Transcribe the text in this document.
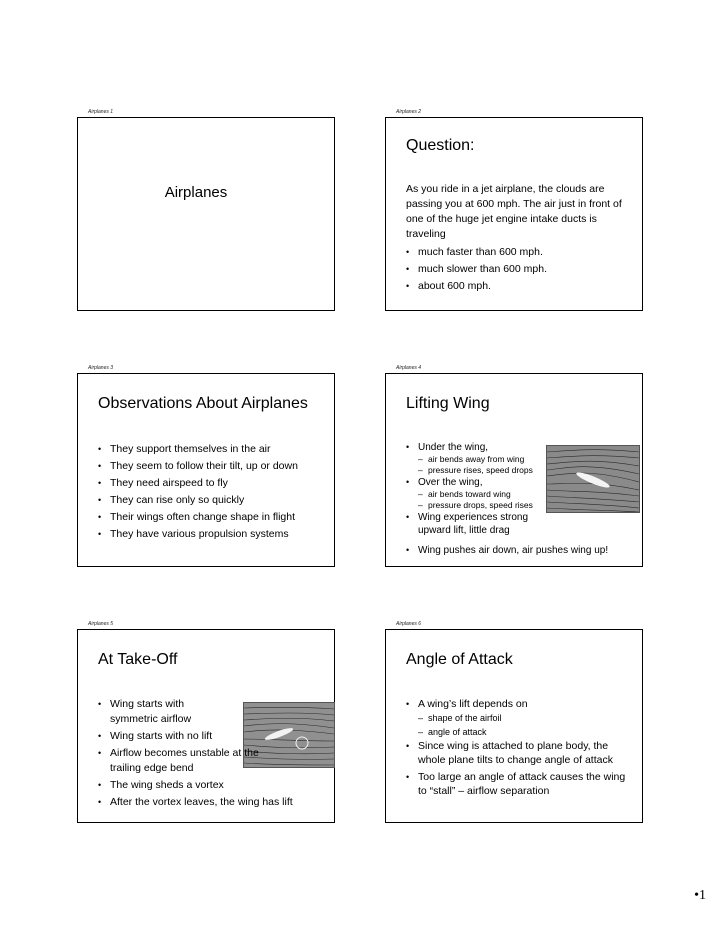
Airplanes 1
Airplanes
Airplanes 2
Question:
As you ride in a jet airplane, the clouds are passing you at 600 mph. The air just in front of one of the huge jet engine intake ducts is traveling
• much faster than 600 mph.
• much slower than 600 mph.
• about 600 mph.
Airplanes 3
Observations About Airplanes
• They support themselves in the air
• They seem to follow their tilt, up or down
• They need airspeed to fly
• They can rise only so quickly
• Their wings often change shape in flight
• They have various propulsion systems
Airplanes 4
Lifting Wing
• Under the wing,
– air bends away from wing
– pressure rises, speed drops
• Over the wing,
– air bends toward wing
– pressure drops, speed rises
• Wing experiences strong upward lift, little drag
• Wing pushes air down, air pushes wing up!
Airplanes 5
At Take-Off
• Wing starts with symmetric airflow
• Wing starts with no lift
• Airflow becomes unstable at the trailing edge bend
• The wing sheds a vortex
• After the vortex leaves, the wing has lift
Airplanes 6
Angle of Attack
• A wing’s lift depends on
– shape of the airfoil
– angle of attack
• Since wing is attached to plane body, the whole plane tilts to change angle of attack
• Too large an angle of attack causes the wing to “stall” – airflow separation
•1
